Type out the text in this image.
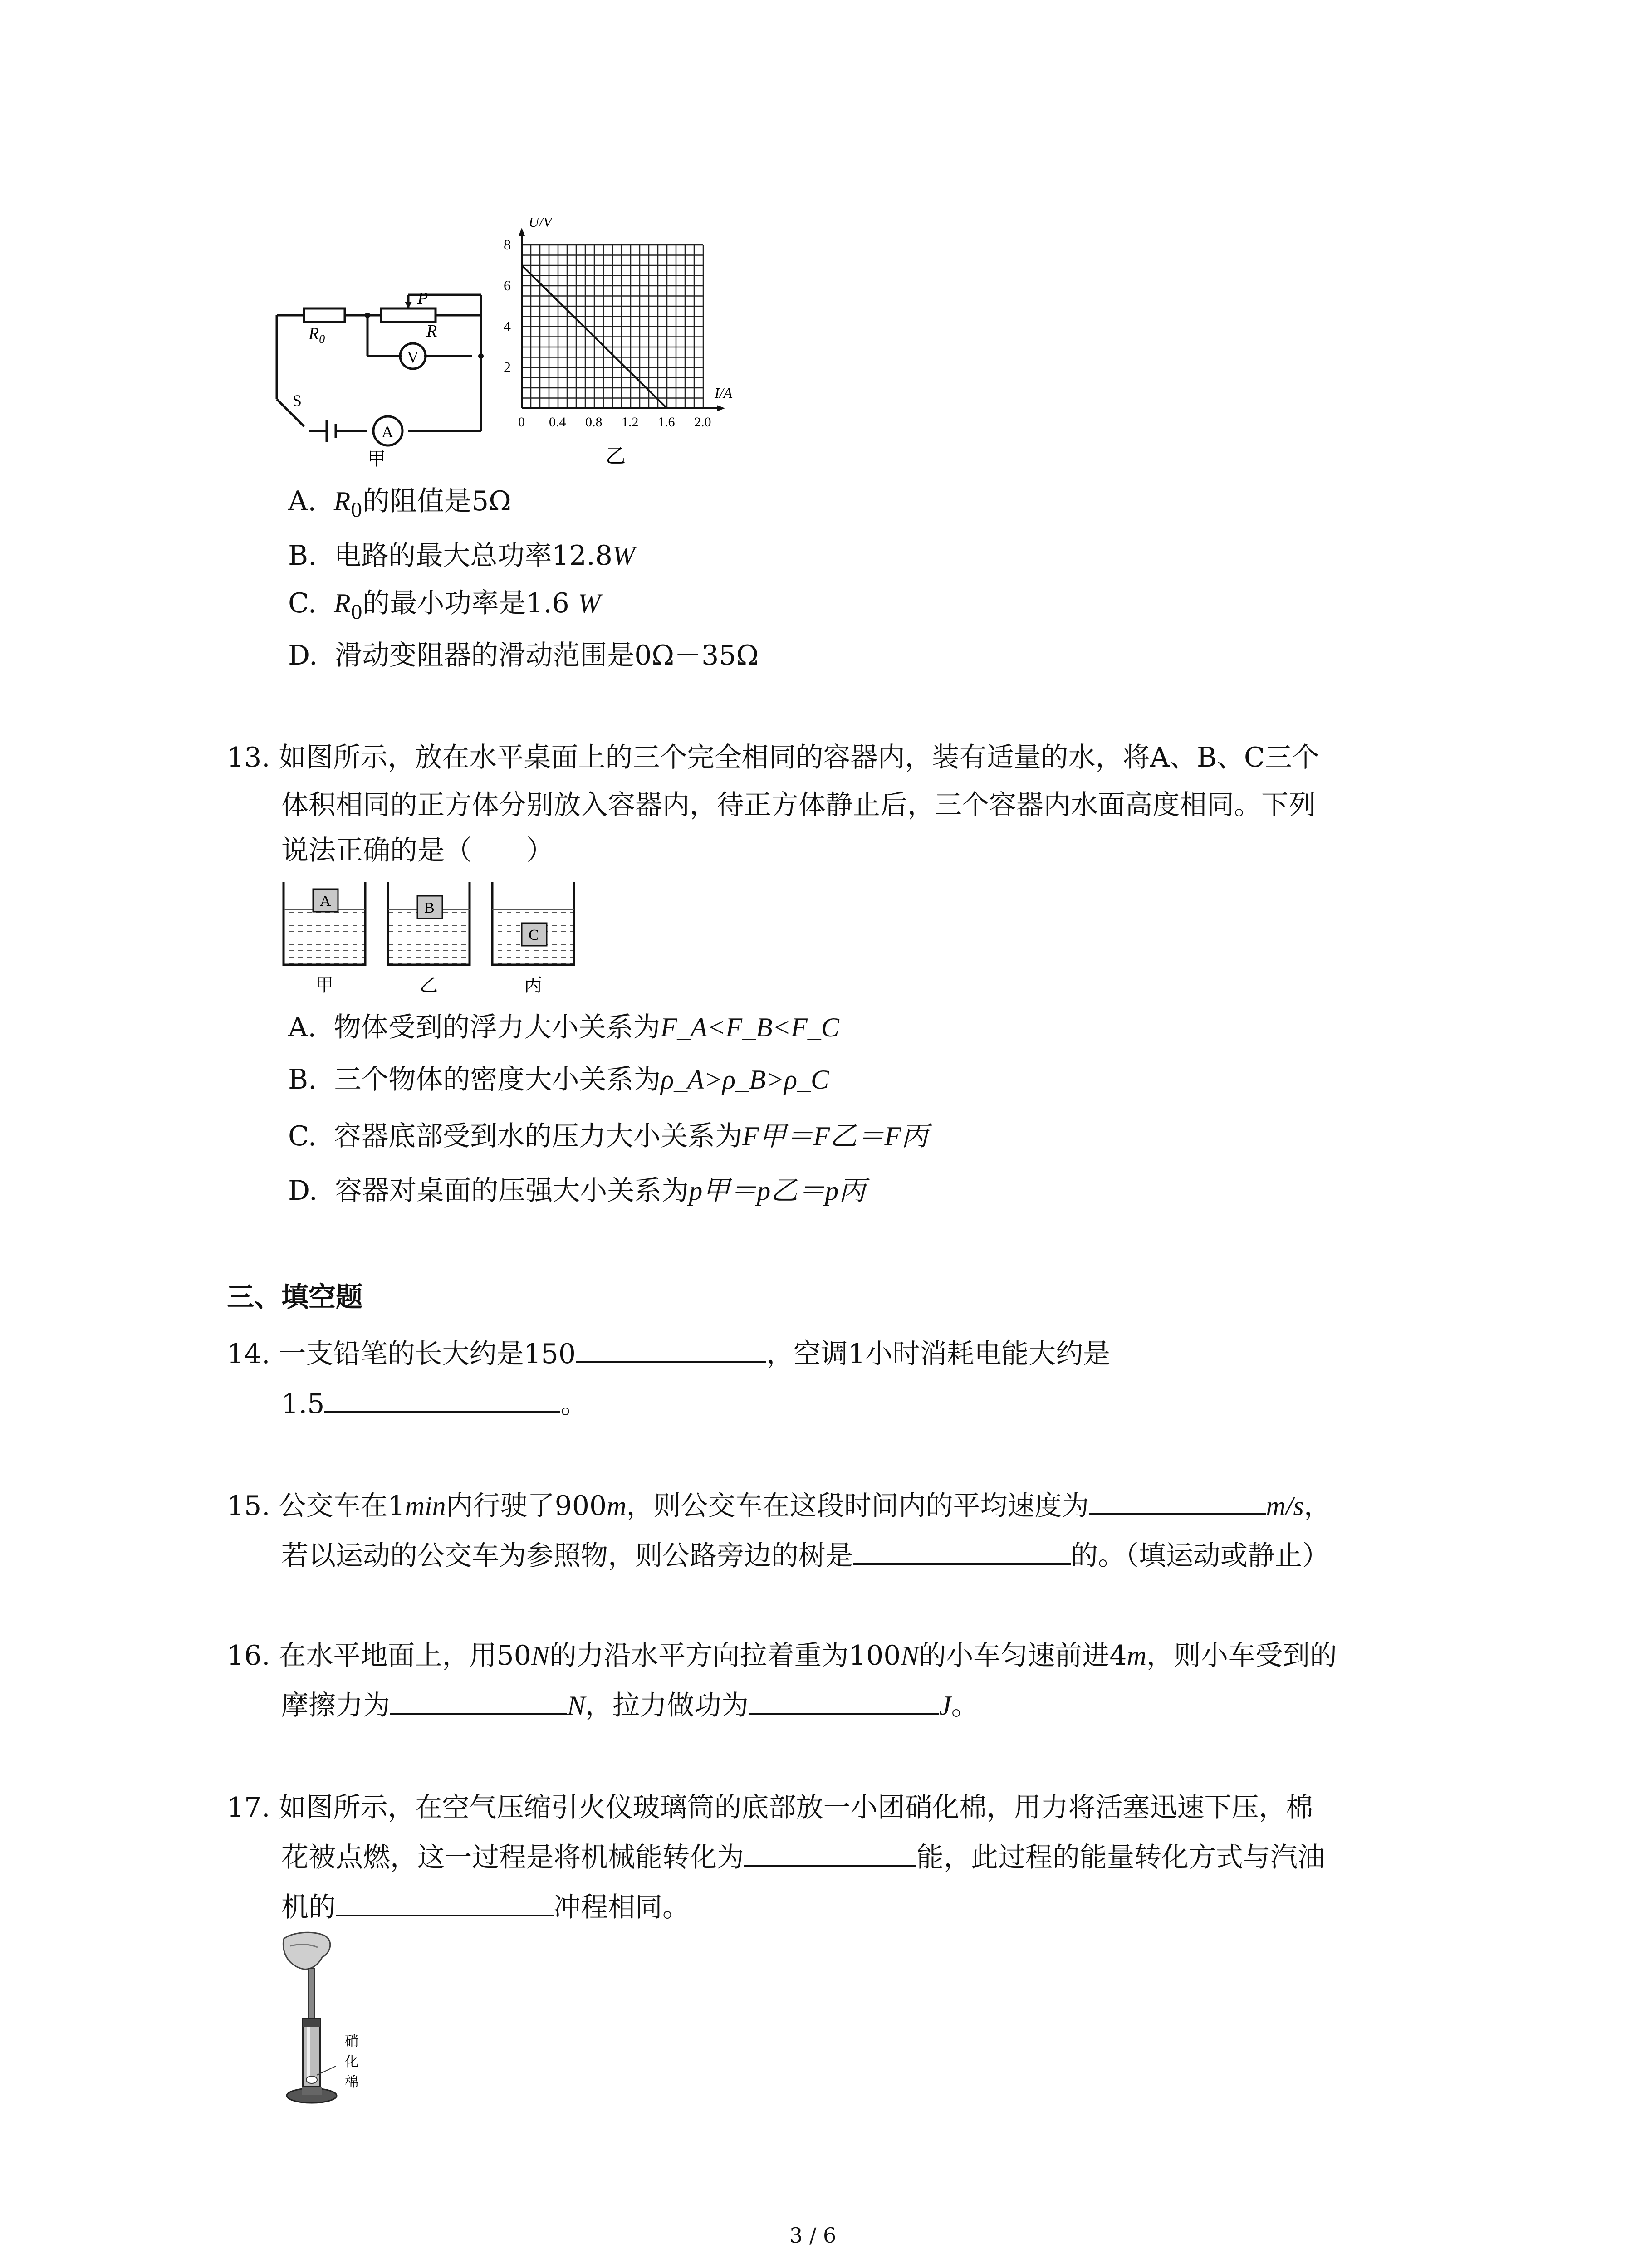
$R_0$
P
R
V
A
S
甲
U/V
I/A
8
6
4
2
0 0.4 0.8 1.2 1.6 2.0
乙
A. $R_0$的阻值是5Ω
B. 电路的最大总功率12.8W
C. $R_0$的最小功率是1.6 W
D. 滑动变阻器的滑动范围是0Ω－35Ω
13. 如图所示，放在水平桌面上的三个完全相同的容器内，装有适量的水，将A、B、C三个
体积相同的正方体分别放入容器内，待正方体静止后，三个容器内水面高度相同。下列
说法正确的是（　　）
A
甲
B
乙
C
丙
A. 物体受到的浮力大小关系为F_A<F_B<F_C
B. 三个物体的密度大小关系为ρ_A>ρ_B>ρ_C
C. 容器底部受到水的压力大小关系为F甲＝F乙＝F丙
D. 容器对桌面的压强大小关系为p甲＝p乙＝p丙
三、填空题
14. 一支铅笔的长大约是150	，空调1小时消耗电能大约是
1.5	。
15. 公交车在1min内行驶了900m，则公交车在这段时间内的平均速度为	m/s，
若以运动的公交车为参照物，则公路旁边的树是	的。（填运动或静止）
16. 在水平地面上，用50N的力沿水平方向拉着重为100N的小车匀速前进4m，则小车受到的
摩擦力为	N，拉力做功为	J。
17. 如图所示，在空气压缩引火仪玻璃筒的底部放一小团硝化棉，用力将活塞迅速下压，棉
花被点燃，这一过程是将机械能转化为	能，此过程的能量转化方式与汽油
机的	冲程相同。
硝
化
棉
3 / 6
